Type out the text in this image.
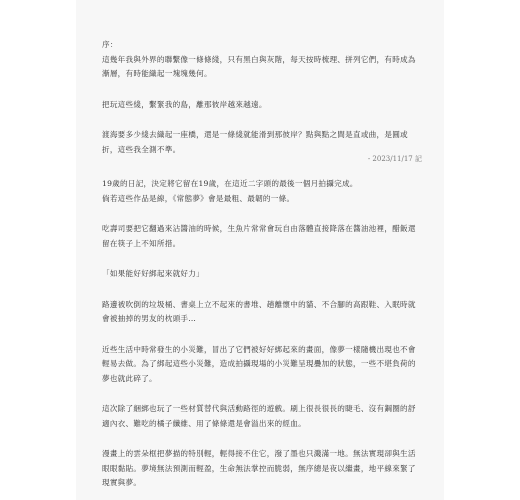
序：

這幾年我與外界的聯繫像一條條綫，只有黑白與灰階，每天按時梳理、拼列它們，有時成為漸層，有時能織起一塊塊幾何。

把玩這些綫，繫緊我的島，離那彼岸越來越遠。

渡海要多少綫去織起一座橋，還是一條綫就能滑到那彼岸？點與點之間是直或曲，是圓或折，這些我全測不準。

- 2023/11/17 記

19歲的日記，決定將它留在19歲，在這近二字頭的最後一個月拍攝完成。

倘若這些作品是線，《常態夢》會是最粗、最韌的一條。

吃壽司要把它翻過來沾醬油的時候，生魚片常常會玩自由落體直接降落在醬油池裡，醋飯還留在筷子上不知所措。

「如果能好好綁起來就好力」

路邊被吹倒的垃圾桶、書桌上立不起來的書堆、趟離懷中的貓、不合腳的高跟鞋、入眠時就會被抽掉的男友的枕頭手…

近些生活中時常發生的小災難，冒出了它們被好好綁起來的畫面，像夢一樣隨機出現也不會輕易去做。為了綁起這些小災難，造成拍攝現場的小災難呈現疊加的狀態，一些不堪負荷的夢也就此碎了。

這次除了綑綁也玩了一些材質替代與活動路徑的遊戲。刷上很長很長的睫毛、沒有鋼圈的舒適內衣、難吃的橘子纖維、用了條條還是會溢出來的經血。

漫畫上的雲朵框把夢描的特別輕，輕得接不住它，潑了墨也只濺滿一地。無法實現卻與生活眼眼黏貼。夢境無法預測而輕盈，生命無法掌控而脆弱，無序總是夜以繼畫，地平線來緊了現實與夢。
